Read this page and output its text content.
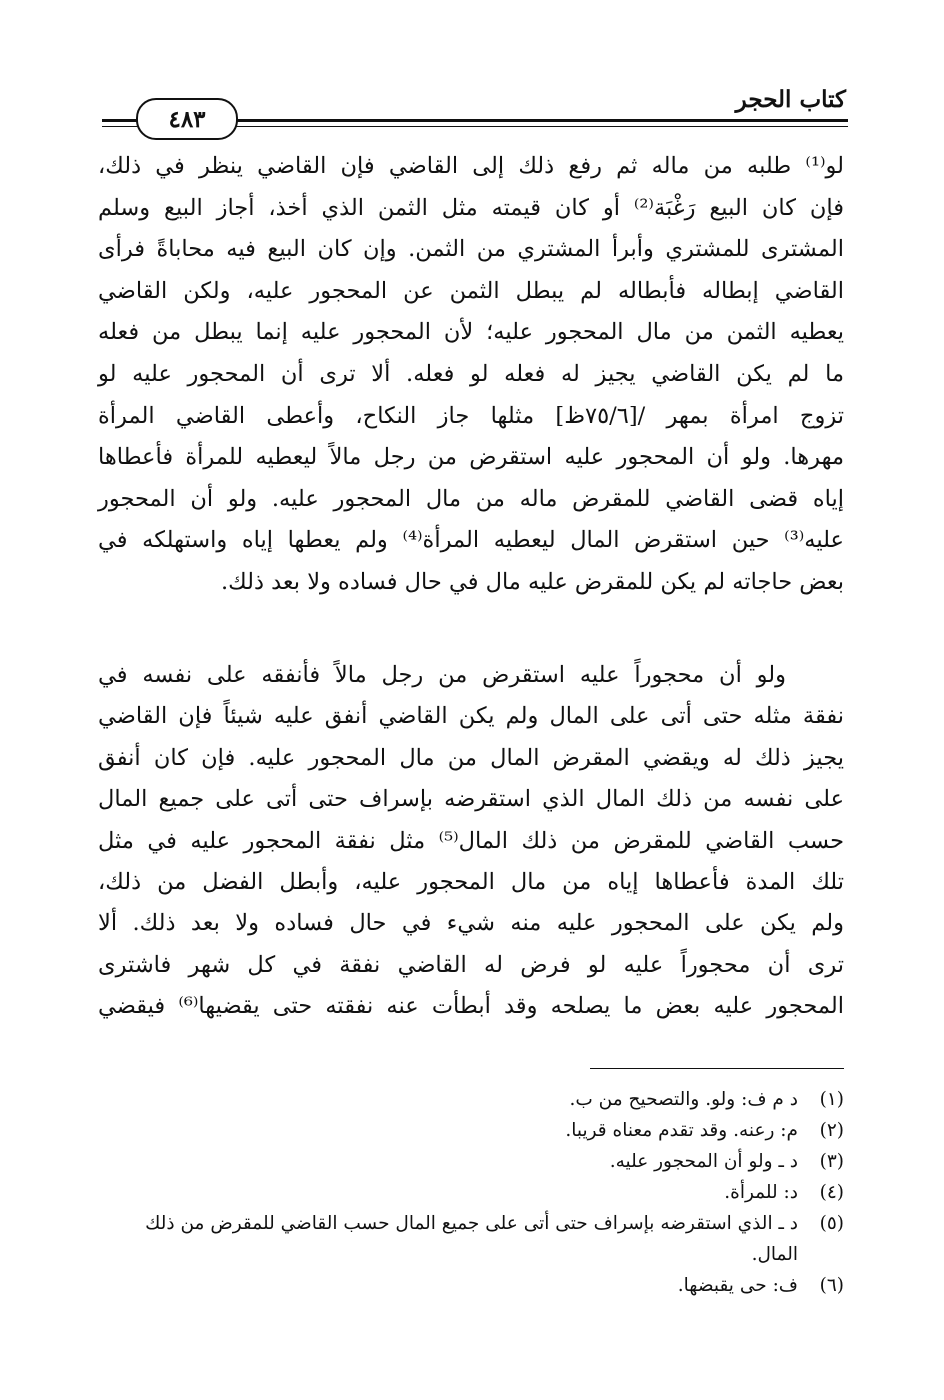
كتاب الحجر
٤٨٣
لو⁽¹⁾ طلبه من ماله ثم رفع ذلك إلى القاضي فإن القاضي ينظر في ذلك،
فإن كان البيع رَغْبَة⁽²⁾ أو كان قيمته مثل الثمن الذي أخذ، أجاز البيع وسلم
المشترى للمشتري وأبرأ المشتري من الثمن. وإن كان البيع فيه محاباةً فرأى
القاضي إبطاله فأبطاله لم يبطل الثمن عن المحجور عليه، ولكن القاضي
يعطيه الثمن من مال المحجور عليه؛ لأن المحجور عليه إنما يبطل من فعله
ما لم يكن القاضي يجيز له فعله لو فعله. ألا ترى أن المحجور عليه لو
تزوج امرأة بمهر /[٧٥/٦ظ] مثلها جاز النكاح، وأعطى القاضي المرأة
مهرها. ولو أن المحجور عليه استقرض من رجل مالاً ليعطيه للمرأة فأعطاها
إياه قضى القاضي للمقرض ماله من مال المحجور عليه. ولو أن المحجور
عليه⁽³⁾ حين استقرض المال ليعطيه المرأة⁽⁴⁾ ولم يعطها إياه واستهلكه في
بعض حاجاته لم يكن للمقرض عليه مال في حال فساده ولا بعد ذلك.
ولو أن محجوراً عليه استقرض من رجل مالاً فأنفقه على نفسه في
نفقة مثله حتى أتى على المال ولم يكن القاضي أنفق عليه شيئاً فإن القاضي
يجيز ذلك له ويقضي المقرض المال من مال المحجور عليه. فإن كان أنفق
على نفسه من ذلك المال الذي استقرضه بإسراف حتى أتى على جميع المال
حسب القاضي للمقرض من ذلك المال⁽⁵⁾ مثل نفقة المحجور عليه في مثل
تلك المدة فأعطاها إياه من مال المحجور عليه، وأبطل الفضل من ذلك،
ولم يكن على المحجور عليه منه شيء في حال فساده ولا بعد ذلك. ألا
ترى أن محجوراً عليه لو فرض له القاضي نفقة في كل شهر فاشترى
المحجور عليه بعض ما يصلحه وقد أبطأت عنه نفقته حتى يقضيها⁽⁶⁾ فيقضي
(١)
د م ف: ولو. والتصحيح من ب.
(٢)
م: رعنه. وقد تقدم معناه قريبا.
(٣)
د ـ ولو أن المحجور عليه.
(٤)
د: للمرأة.
(٥)
د ـ الذي استقرضه بإسراف حتى أتى على جميع المال حسب القاضي للمقرض من ذلك المال.
(٦)
ف: حى يقبضها.
